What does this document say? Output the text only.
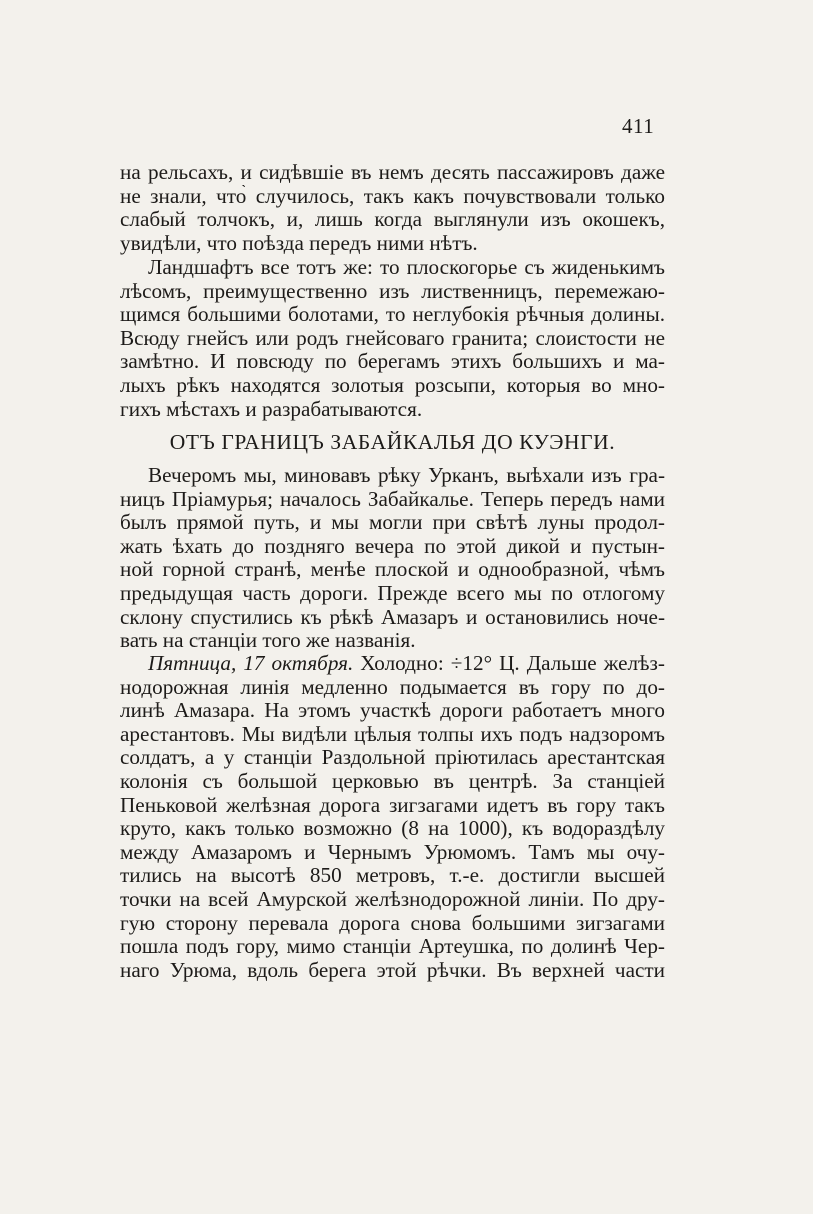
411
на рельсахъ, и сидѣвшіе въ немъ десять пассажировъ даже
не знали, что̀ случилось, такъ какъ почувствовали только
слабый толчокъ, и, лишь когда выглянули изъ окошекъ,
увидѣли, что поѣзда передъ ними нѣтъ.
Ландшафтъ все тотъ же: то плоскогорье съ жиденькимъ
лѣсомъ, преимущественно изъ лиственницъ, перемежаю-
щимся большими болотами, то неглубокія рѣчныя долины.
Всюду гнейсъ или родъ гнейсоваго гранита; слоистости не
замѣтно. И повсюду по берегамъ этихъ большихъ и ма-
лыхъ рѣкъ находятся золотыя розсыпи, которыя во мно-
гихъ мѣстахъ и разрабатываются.
ОТЪ ГРАНИЦЪ ЗАБАЙКАЛЬЯ ДО КУЭНГИ.
Вечеромъ мы, миновавъ рѣку Урканъ, выѣхали изъ гра-
ницъ Пріамурья; началось Забайкалье. Теперь передъ нами
былъ прямой путь, и мы могли при свѣтѣ луны продол-
жать ѣхать до поздняго вечера по этой дикой и пустын-
ной горной странѣ, менѣе плоской и однообразной, чѣмъ
предыдущая часть дороги. Прежде всего мы по отлогому
склону спустились къ рѣкѣ Амазаръ и остановились ноче-
вать на станціи того же названія.
Пятница, 17 октября. Холодно: ÷12° Ц. Дальше желѣз-
нодорожная линія медленно подымается въ гору по до-
линѣ Амазара. На этомъ участкѣ дороги работаетъ много
арестантовъ. Мы видѣли цѣлыя толпы ихъ подъ надзоромъ
солдатъ, а у станціи Раздольной пріютилась арестантская
колонія съ большой церковью въ центрѣ. За станціей
Пеньковой желѣзная дорога зигзагами идетъ въ гору такъ
круто, какъ только возможно (8 на 1000), къ водораздѣлу
между Амазаромъ и Чернымъ Урюмомъ. Тамъ мы очу-
тились на высотѣ 850 метровъ, т.-е. достигли высшей
точки на всей Амурской желѣзнодорожной линіи. По дру-
гую сторону перевала дорога снова большими зигзагами
пошла подъ гору, мимо станціи Артеушка, по долинѣ Чер-
наго Урюма, вдоль берега этой рѣчки. Въ верхней части
